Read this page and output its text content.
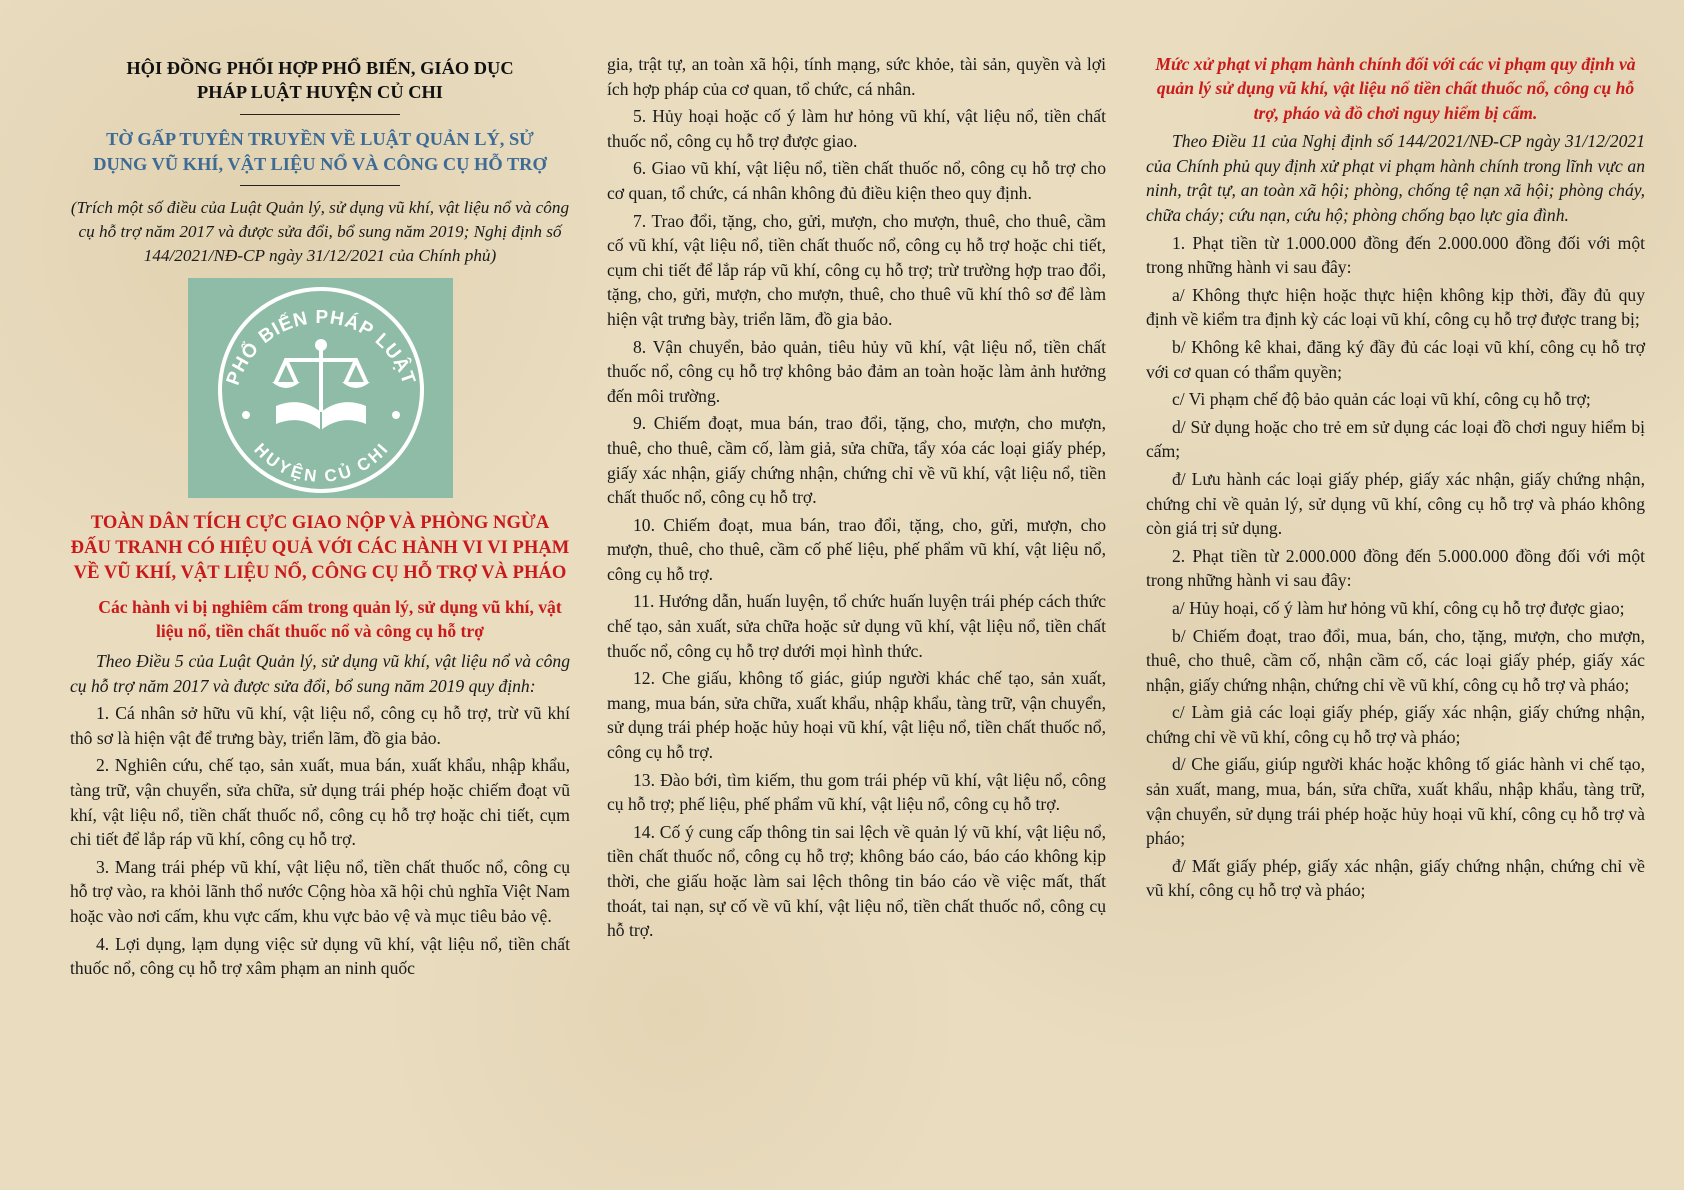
HỘI ĐỒNG PHỐI HỢP PHỔ BIẾN, GIÁO DỤC
PHÁP LUẬT HUYỆN CỦ CHI
TỜ GẤP TUYÊN TRUYỀN VỀ LUẬT QUẢN LÝ, SỬ
DỤNG VŨ KHÍ, VẬT LIỆU NỔ VÀ CÔNG CỤ HỖ TRỢ

(Trích một số điều của Luật Quản lý, sử dụng vũ khí, vật liệu nổ và công cụ hỗ trợ năm 2017 và được sửa đổi, bổ sung năm 2019; Nghị định số 144/2021/NĐ-CP ngày 31/12/2021 của Chính phủ)

PHỔ BIẾN PHÁP LUẬT
HUYỆN CỦ CHI

TOÀN DÂN TÍCH CỰC GIAO NỘP VÀ PHÒNG NGỪA ĐẤU TRANH CÓ HIỆU QUẢ VỚI CÁC HÀNH VI VI PHẠM VỀ VŨ KHÍ, VẬT LIỆU NỔ, CÔNG CỤ HỖ TRỢ VÀ PHÁO

Các hành vi bị nghiêm cấm trong quản lý, sử dụng vũ khí, vật liệu nổ, tiền chất thuốc nổ và công cụ hỗ trợ

Theo Điều 5 của Luật Quản lý, sử dụng vũ khí, vật liệu nổ và công cụ hỗ trợ năm 2017 và được sửa đổi, bổ sung năm 2019 quy định:

1. Cá nhân sở hữu vũ khí, vật liệu nổ, công cụ hỗ trợ, trừ vũ khí thô sơ là hiện vật để trưng bày, triển lãm, đồ gia bảo.

2. Nghiên cứu, chế tạo, sản xuất, mua bán, xuất khẩu, nhập khẩu, tàng trữ, vận chuyển, sửa chữa, sử dụng trái phép hoặc chiếm đoạt vũ khí, vật liệu nổ, tiền chất thuốc nổ, công cụ hỗ trợ hoặc chi tiết, cụm chi tiết để lắp ráp vũ khí, công cụ hỗ trợ.

3. Mang trái phép vũ khí, vật liệu nổ, tiền chất thuốc nổ, công cụ hỗ trợ vào, ra khỏi lãnh thổ nước Cộng hòa xã hội chủ nghĩa Việt Nam hoặc vào nơi cấm, khu vực cấm, khu vực bảo vệ và mục tiêu bảo vệ.

4. Lợi dụng, lạm dụng việc sử dụng vũ khí, vật liệu nổ, tiền chất thuốc nổ, công cụ hỗ trợ xâm phạm an ninh quốc

gia, trật tự, an toàn xã hội, tính mạng, sức khỏe, tài sản, quyền và lợi ích hợp pháp của cơ quan, tổ chức, cá nhân.

5. Hủy hoại hoặc cố ý làm hư hỏng vũ khí, vật liệu nổ, tiền chất thuốc nổ, công cụ hỗ trợ được giao.

6. Giao vũ khí, vật liệu nổ, tiền chất thuốc nổ, công cụ hỗ trợ cho cơ quan, tổ chức, cá nhân không đủ điều kiện theo quy định.

7. Trao đổi, tặng, cho, gửi, mượn, cho mượn, thuê, cho thuê, cầm cố vũ khí, vật liệu nổ, tiền chất thuốc nổ, công cụ hỗ trợ hoặc chi tiết, cụm chi tiết để lắp ráp vũ khí, công cụ hỗ trợ; trừ trường hợp trao đổi, tặng, cho, gửi, mượn, cho mượn, thuê, cho thuê vũ khí thô sơ để làm hiện vật trưng bày, triển lãm, đồ gia bảo.

8. Vận chuyển, bảo quản, tiêu hủy vũ khí, vật liệu nổ, tiền chất thuốc nổ, công cụ hỗ trợ không bảo đảm an toàn hoặc làm ảnh hưởng đến môi trường.

9. Chiếm đoạt, mua bán, trao đổi, tặng, cho, mượn, cho mượn, thuê, cho thuê, cầm cố, làm giả, sửa chữa, tẩy xóa các loại giấy phép, giấy xác nhận, giấy chứng nhận, chứng chỉ về vũ khí, vật liệu nổ, tiền chất thuốc nổ, công cụ hỗ trợ.

10. Chiếm đoạt, mua bán, trao đổi, tặng, cho, gửi, mượn, cho mượn, thuê, cho thuê, cầm cố phế liệu, phế phẩm vũ khí, vật liệu nổ, công cụ hỗ trợ.

11. Hướng dẫn, huấn luyện, tổ chức huấn luyện trái phép cách thức chế tạo, sản xuất, sửa chữa hoặc sử dụng vũ khí, vật liệu nổ, tiền chất thuốc nổ, công cụ hỗ trợ dưới mọi hình thức.

12. Che giấu, không tố giác, giúp người khác chế tạo, sản xuất, mang, mua bán, sửa chữa, xuất khẩu, nhập khẩu, tàng trữ, vận chuyển, sử dụng trái phép hoặc hủy hoại vũ khí, vật liệu nổ, tiền chất thuốc nổ, công cụ hỗ trợ.

13. Đào bới, tìm kiếm, thu gom trái phép vũ khí, vật liệu nổ, công cụ hỗ trợ; phế liệu, phế phẩm vũ khí, vật liệu nổ, công cụ hỗ trợ.

14. Cố ý cung cấp thông tin sai lệch về quản lý vũ khí, vật liệu nổ, tiền chất thuốc nổ, công cụ hỗ trợ; không báo cáo, báo cáo không kịp thời, che giấu hoặc làm sai lệch thông tin báo cáo về việc mất, thất thoát, tai nạn, sự cố về vũ khí, vật liệu nổ, tiền chất thuốc nổ, công cụ hỗ trợ.

Mức xử phạt vi phạm hành chính đối với các vi phạm quy định và quản lý sử dụng vũ khí, vật liệu nổ tiền chất thuốc nổ, công cụ hỗ trợ, pháo và đồ chơi nguy hiểm bị cấm.

Theo Điều 11 của Nghị định số 144/2021/NĐ-CP ngày 31/12/2021 của Chính phủ quy định xử phạt vi phạm hành chính trong lĩnh vực an ninh, trật tự, an toàn xã hội; phòng, chống tệ nạn xã hội; phòng cháy, chữa cháy; cứu nạn, cứu hộ; phòng chống bạo lực gia đình.

1. Phạt tiền từ 1.000.000 đồng đến 2.000.000 đồng đối với một trong những hành vi sau đây:

a/ Không thực hiện hoặc thực hiện không kịp thời, đầy đủ quy định về kiểm tra định kỳ các loại vũ khí, công cụ hỗ trợ được trang bị;

b/ Không kê khai, đăng ký đầy đủ các loại vũ khí, công cụ hỗ trợ với cơ quan có thẩm quyền;

c/ Vi phạm chế độ bảo quản các loại vũ khí, công cụ hỗ trợ;

d/ Sử dụng hoặc cho trẻ em sử dụng các loại đồ chơi nguy hiểm bị cấm;

đ/ Lưu hành các loại giấy phép, giấy xác nhận, giấy chứng nhận, chứng chỉ về quản lý, sử dụng vũ khí, công cụ hỗ trợ và pháo không còn giá trị sử dụng.

2. Phạt tiền từ 2.000.000 đồng đến 5.000.000 đồng đối với một trong những hành vi sau đây:

a/ Hủy hoại, cố ý làm hư hỏng vũ khí, công cụ hỗ trợ được giao;

b/ Chiếm đoạt, trao đổi, mua, bán, cho, tặng, mượn, cho mượn, thuê, cho thuê, cầm cố, nhận cầm cố, các loại giấy phép, giấy xác nhận, giấy chứng nhận, chứng chỉ về vũ khí, công cụ hỗ trợ và pháo;

c/ Làm giả các loại giấy phép, giấy xác nhận, giấy chứng nhận, chứng chỉ về vũ khí, công cụ hỗ trợ và pháo;

d/ Che giấu, giúp người khác hoặc không tố giác hành vi chế tạo, sản xuất, mang, mua, bán, sửa chữa, xuất khẩu, nhập khẩu, tàng trữ, vận chuyển, sử dụng trái phép hoặc hủy hoại vũ khí, công cụ hỗ trợ và pháo;

đ/ Mất giấy phép, giấy xác nhận, giấy chứng nhận, chứng chỉ về vũ khí, công cụ hỗ trợ và pháo;
